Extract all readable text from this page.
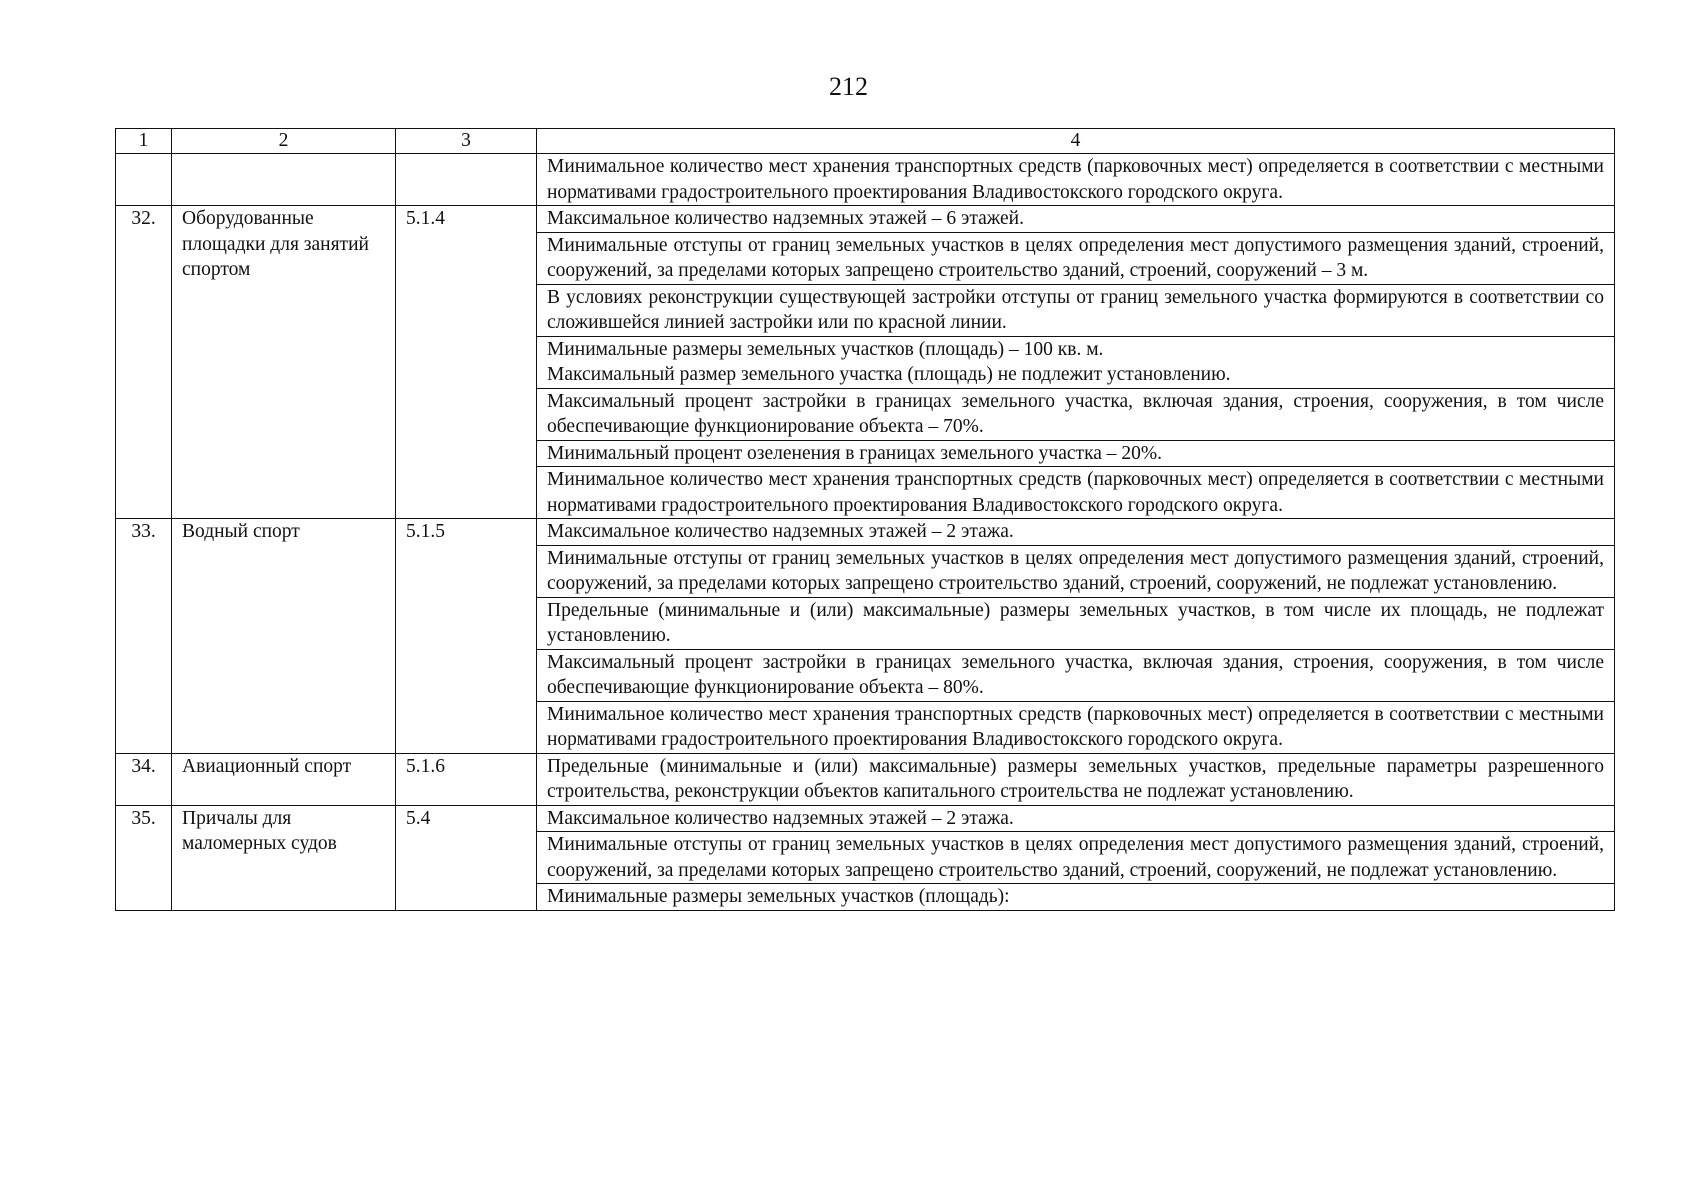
212
1	2	3	4
			Минимальное количество мест хранения транспортных средств (парковочных мест) определяется в соответствии с местными нормативами градостроительного проектирования Владивостокского городского округа.
32.	Оборудованные площадки для занятий спортом	5.1.4	Максимальное количество надземных этажей – 6 этажей.
			Минимальные отступы от границ земельных участков в целях определения мест допустимого размещения зданий, строений, сооружений, за пределами которых запрещено строительство зданий, строений, сооружений – 3 м.
			В условиях реконструкции существующей застройки отступы от границ земельного участка формируются в соответствии со сложившейся линией застройки или по красной линии.
			Минимальные размеры земельных участков (площадь) – 100 кв. м.
Максимальный размер земельного участка (площадь) не подлежит установлению.
			Максимальный процент застройки в границах земельного участка, включая здания, строения, сооружения, в том числе обеспечивающие функционирование объекта – 70%.
			Минимальный процент озеленения в границах земельного участка – 20%.
			Минимальное количество мест хранения транспортных средств (парковочных мест) определяется в соответствии с местными нормативами градостроительного проектирования Владивостокского городского округа.
33.	Водный спорт	5.1.5	Максимальное количество надземных этажей – 2 этажа.
			Минимальные отступы от границ земельных участков в целях определения мест допустимого размещения зданий, строений, сооружений, за пределами которых запрещено строительство зданий, строений, сооружений, не подлежат установлению.
			Предельные (минимальные и (или) максимальные) размеры земельных участков, в том числе их площадь, не подлежат установлению.
			Максимальный процент застройки в границах земельного участка, включая здания, строения, сооружения, в том числе обеспечивающие функционирование объекта – 80%.
			Минимальное количество мест хранения транспортных средств (парковочных мест) определяется в соответствии с местными нормативами градостроительного проектирования Владивостокского городского округа.
34.	Авиационный спорт	5.1.6	Предельные (минимальные и (или) максимальные) размеры земельных участков, предельные параметры разрешенного строительства, реконструкции объектов капитального строительства не подлежат установлению.
35.	Причалы для маломерных судов	5.4	Максимальное количество надземных этажей – 2 этажа.
			Минимальные отступы от границ земельных участков в целях определения мест допустимого размещения зданий, строений, сооружений, за пределами которых запрещено строительство зданий, строений, сооружений, не подлежат установлению.
			Минимальные размеры земельных участков (площадь):
